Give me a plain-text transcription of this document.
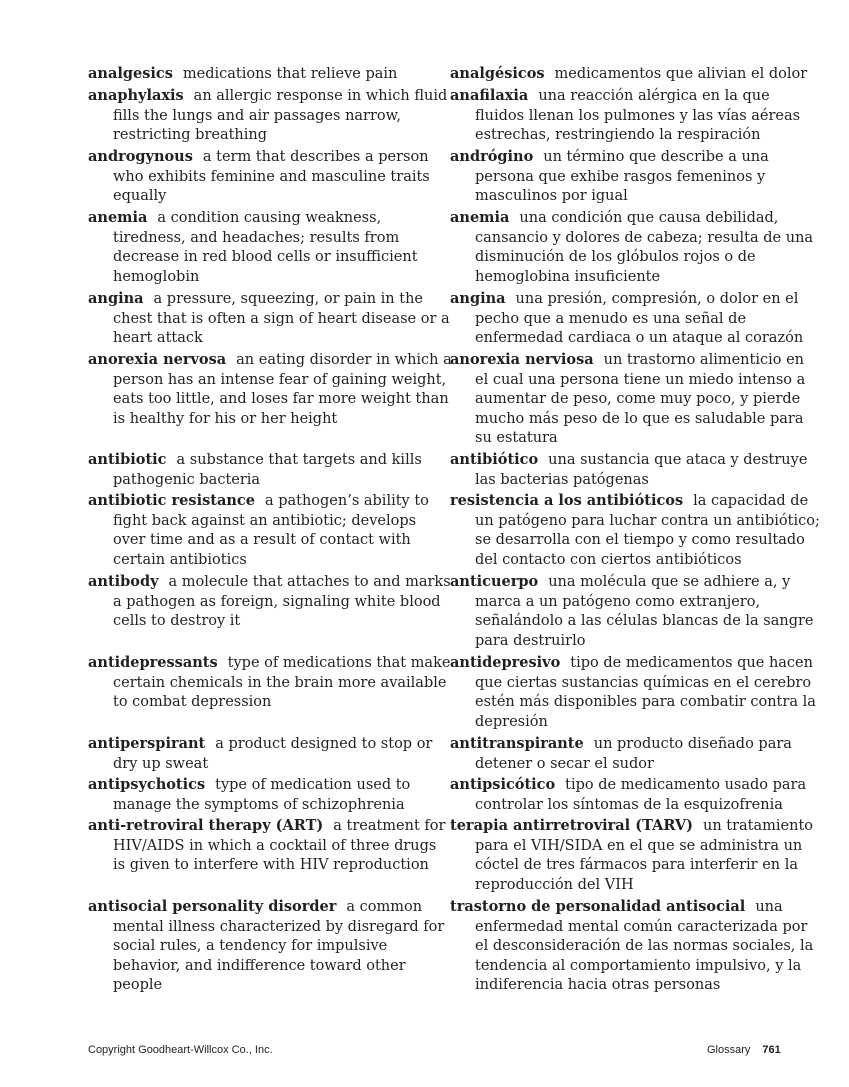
analgesics medications that relieve pain
anaphylaxis an allergic response in which fluid fills the lungs and air passages narrow, restricting breathing
androgynous a term that describes a person who exhibits feminine and masculine traits equally
anemia a condition causing weakness, tiredness, and headaches; results from decrease in red blood cells or insufficient hemoglobin
angina a pressure, squeezing, or pain in the chest that is often a sign of heart disease or a heart attack
anorexia nervosa an eating disorder in which a person has an intense fear of gaining weight, eats too little, and loses far more weight than is healthy for his or her height
antibiotic a substance that targets and kills pathogenic bacteria
antibiotic resistance a pathogen’s ability to fight back against an antibiotic; develops over time and as a result of contact with certain antibiotics
antibody a molecule that attaches to and marks a pathogen as foreign, signaling white blood cells to destroy it
antidepressants type of medications that make certain chemicals in the brain more available to combat depression
antiperspirant a product designed to stop or dry up sweat
antipsychotics type of medication used to manage the symptoms of schizophrenia
anti-retroviral therapy (ART) a treatment for HIV/AIDS in which a cocktail of three drugs is given to interfere with HIV reproduction
antisocial personality disorder a common mental illness characterized by disregard for social rules, a tendency for impulsive behavior, and indifference toward other people
analgésicos medicamentos que alivian el dolor
anafilaxia una reacción alérgica en la que fluidos llenan los pulmones y las vías aéreas estrechas, restringiendo la respiración
andrógino un término que describe a una persona que exhibe rasgos femeninos y masculinos por igual
anemia una condición que causa debilidad, cansancio y dolores de cabeza; resulta de una disminución de los glóbulos rojos o de hemoglobina insuficiente
angina una presión, compresión, o dolor en el pecho que a menudo es una señal de enfermedad cardiaca o un ataque al corazón
anorexia nerviosa un trastorno alimenticio en el cual una persona tiene un miedo intenso a aumentar de peso, come muy poco, y pierde mucho más peso de lo que es saludable para su estatura
antibiótico una sustancia que ataca y destruye las bacterias patógenas
resistencia a los antibióticos la capacidad de un patógeno para luchar contra un antibiótico; se desarrolla con el tiempo y como resultado del contacto con ciertos antibióticos
anticuerpo una molécula que se adhiere a, y marca a un patógeno como extranjero, señalándolo a las células blancas de la sangre para destruirlo
antidepresivo tipo de medicamentos que hacen que ciertas sustancias químicas en el cerebro estén más disponibles para combatir contra la depresión
antitranspirante un producto diseñado para detener o secar el sudor
antipsicótico tipo de medicamento usado para controlar los síntomas de la esquizofrenia
terapia antirretroviral (TARV) un tratamiento para el VIH/SIDA en el que se administra un cóctel de tres fármacos para interferir en la reproducción del VIH
trastorno de personalidad antisocial una enfermedad mental común caracterizada por el desconsideración de las normas sociales, la tendencia al comportamiento impulsivo, y la indiferencia hacia otras personas
Copyright Goodheart-Willcox Co., Inc.	Glossary 761
